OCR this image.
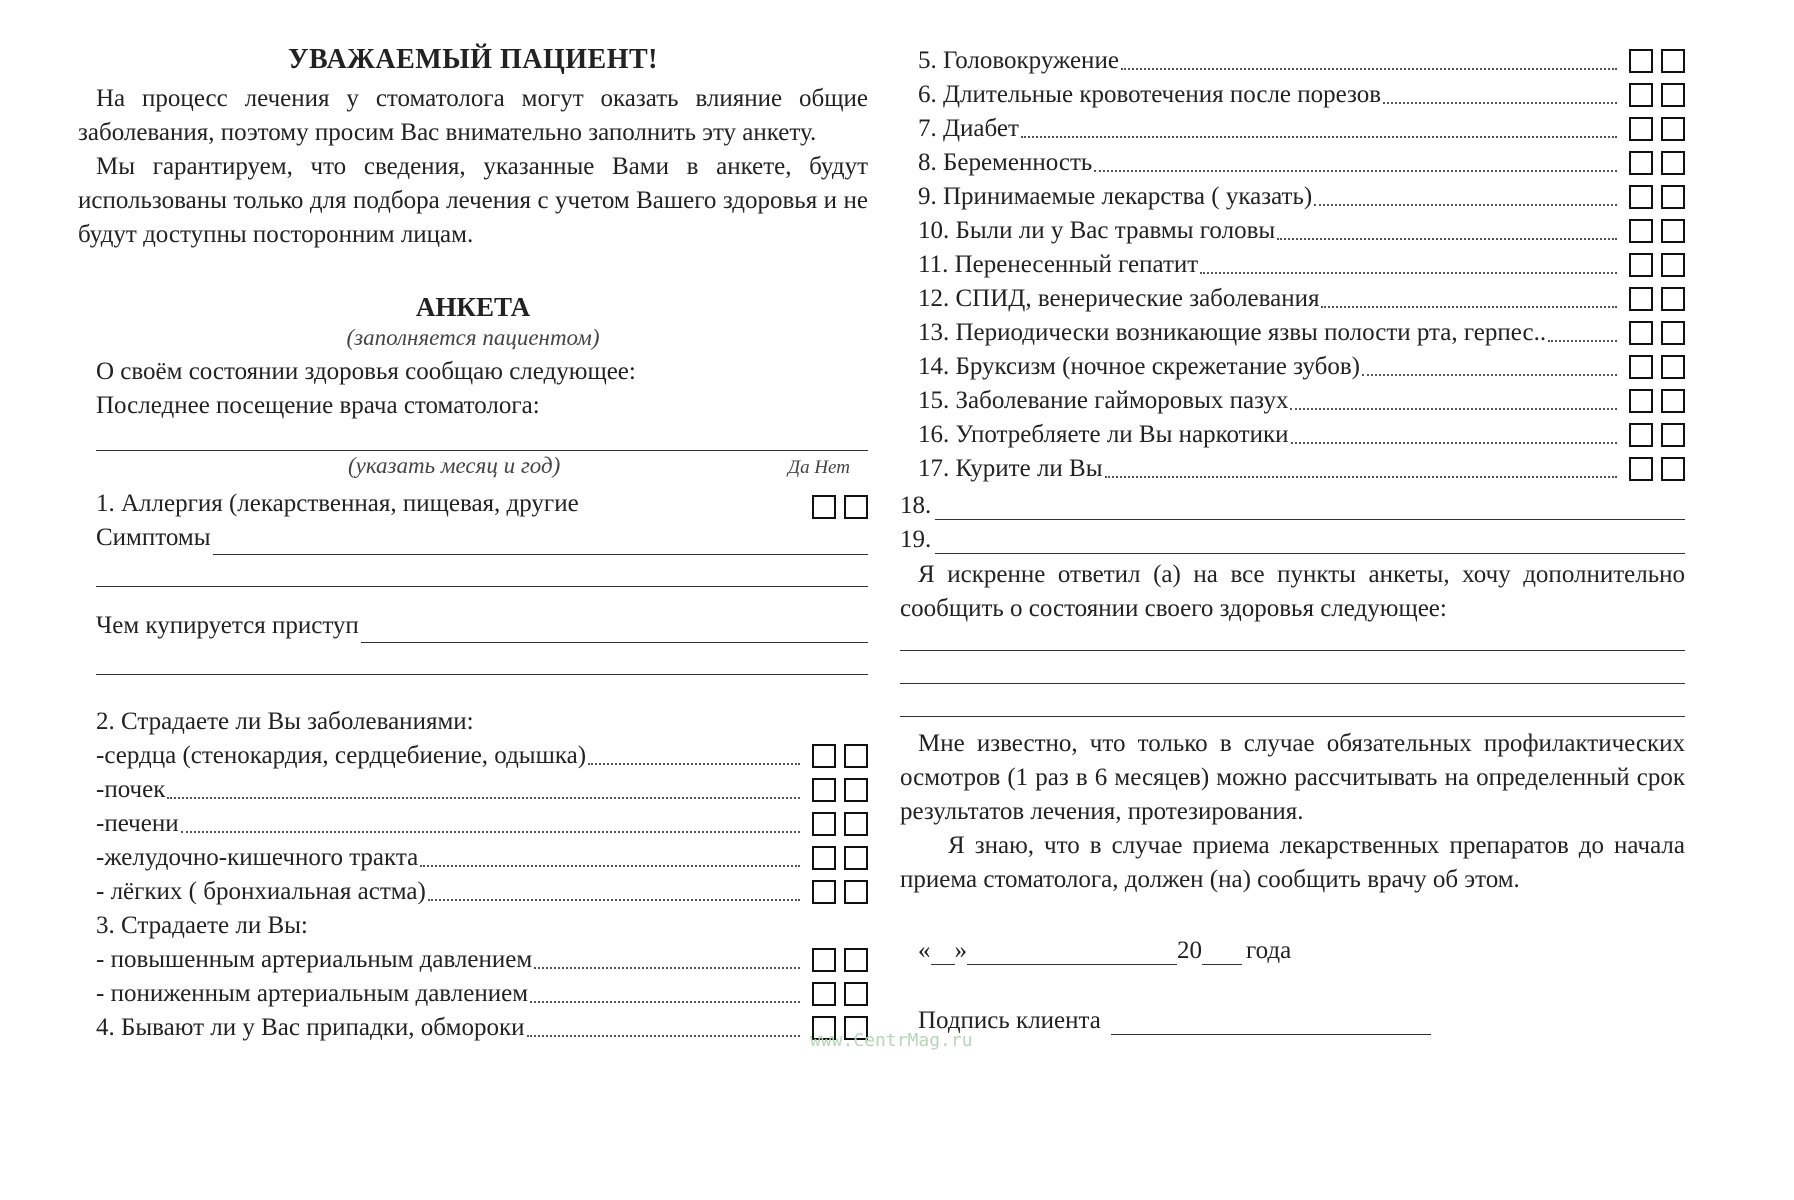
УВАЖАЕМЫЙ ПАЦИЕНТ!

На процесс лечения у стоматолога могут оказать влияние общие заболевания, поэтому просим Вас внимательно заполнить эту анкету.

Мы гарантируем, что сведения, указанные Вами в анкете, будут использованы только для подбора лечения с учетом Вашего здоровья и не будут доступны посторонним лицам.

АНКЕТА
(заполняется пациентом)

О своём состоянии здоровья сообщаю следующее:

Последнее посещение врача стоматолога:

(указать месяц и год)	Да Нет
1. Аллергия (лекарственная, пищевая, другие
Симптомы
Чем купируется приступ

2. Страдаете ли Вы заболеваниями:

-сердца (стенокардия, сердцебиение, одышка)
-почек
-печени
-желудочно-кишечного тракта
- лёгких ( бронхиальная астма)

3. Страдаете ли Вы:

- повышенным артериальным давлением
- пониженным артериальным давлением
4. Бывают ли у Вас припадки, обмороки
5. Головокружение
6. Длительные кровотечения после порезов
7. Диабет
8. Беременность
9. Принимаемые лекарства ( указать)
10. Были ли у Вас травмы головы
11. Перенесенный гепатит
12. СПИД, венерические заболевания
13. Периодически возникающие язвы полости рта, герпес..
14. Бруксизм (ночное скрежетание зубов)
15. Заболевание гайморовых пазух
16. Употребляете ли Вы наркотики
17. Курите ли Вы
18.
19.

Я искренне ответил (а) на все пункты анкеты, хочу дополнительно сообщить о состоянии своего здоровья следующее:

Мне известно, что только в случае обязательных профилактических осмотров (1 раз в 6 месяцев) можно рассчитывать на определенный срок результатов лечения, протезирования.

Я знаю, что в случае приема лекарственных препаратов до начала приема стоматолога, должен (на) сообщить врачу об этом.

« »	20 года
Подпись клиента
www.CentrMag.ru
